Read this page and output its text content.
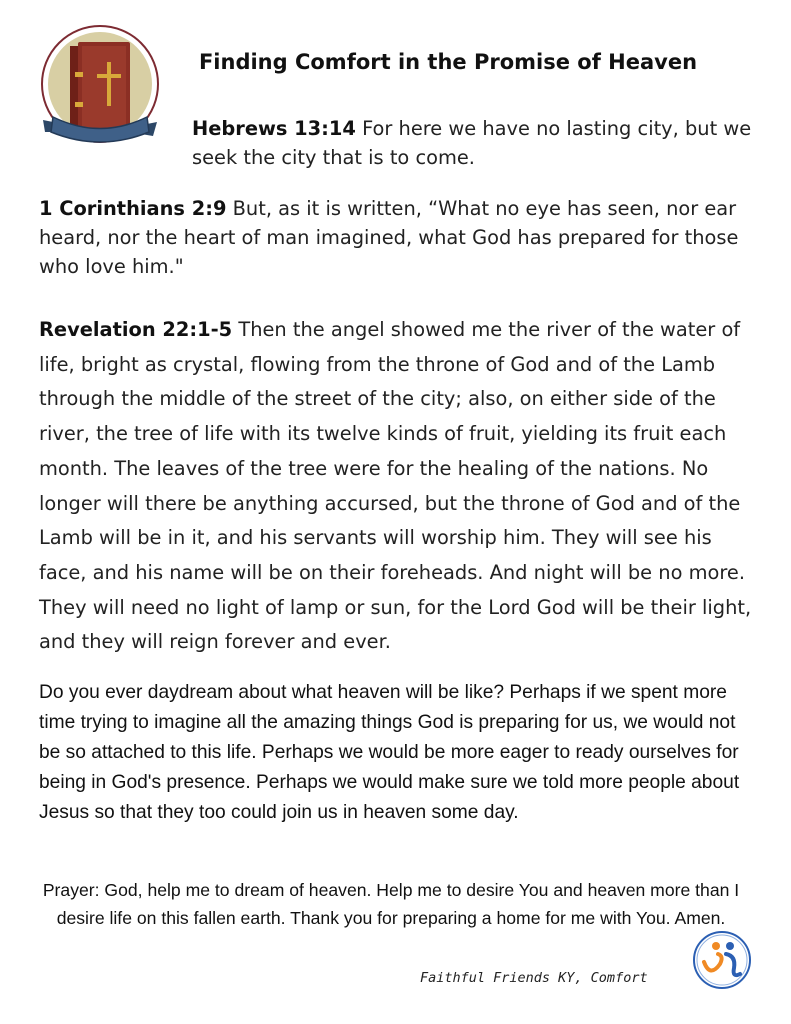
Finding Comfort in the Promise of Heaven
Hebrews 13:14 For here we have no lasting city, but we seek the city that is to come.
1 Corinthians 2:9 But, as it is written, “What no eye has seen, nor ear heard, nor the heart of man imagined, what God has prepared for those who love him."
Revelation 22:1-5 Then the angel showed me the river of the water of life, bright as crystal, flowing from the throne of God and of the Lamb through the middle of the street of the city; also, on either side of the river, the tree of life with its twelve kinds of fruit, yielding its fruit each month. The leaves of the tree were for the healing of the nations. No longer will there be anything accursed, but the throne of God and of the Lamb will be in it, and his servants will worship him. They will see his face, and his name will be on their foreheads. And night will be no more. They will need no light of lamp or sun, for the Lord God will be their light, and they will reign forever and ever.
Do you ever daydream about what heaven will be like? Perhaps if we spent more time trying to imagine all the amazing things God is preparing for us, we would not be so attached to this life. Perhaps we would be more eager to ready ourselves for being in God's presence. Perhaps we would make sure we told more people about Jesus so that they too could join us in heaven some day.
Prayer: God, help me to dream of heaven. Help me to desire You and heaven more than I desire life on this fallen earth. Thank you for preparing a home for me with You. Amen.
Faithful Friends KY, Comfort
